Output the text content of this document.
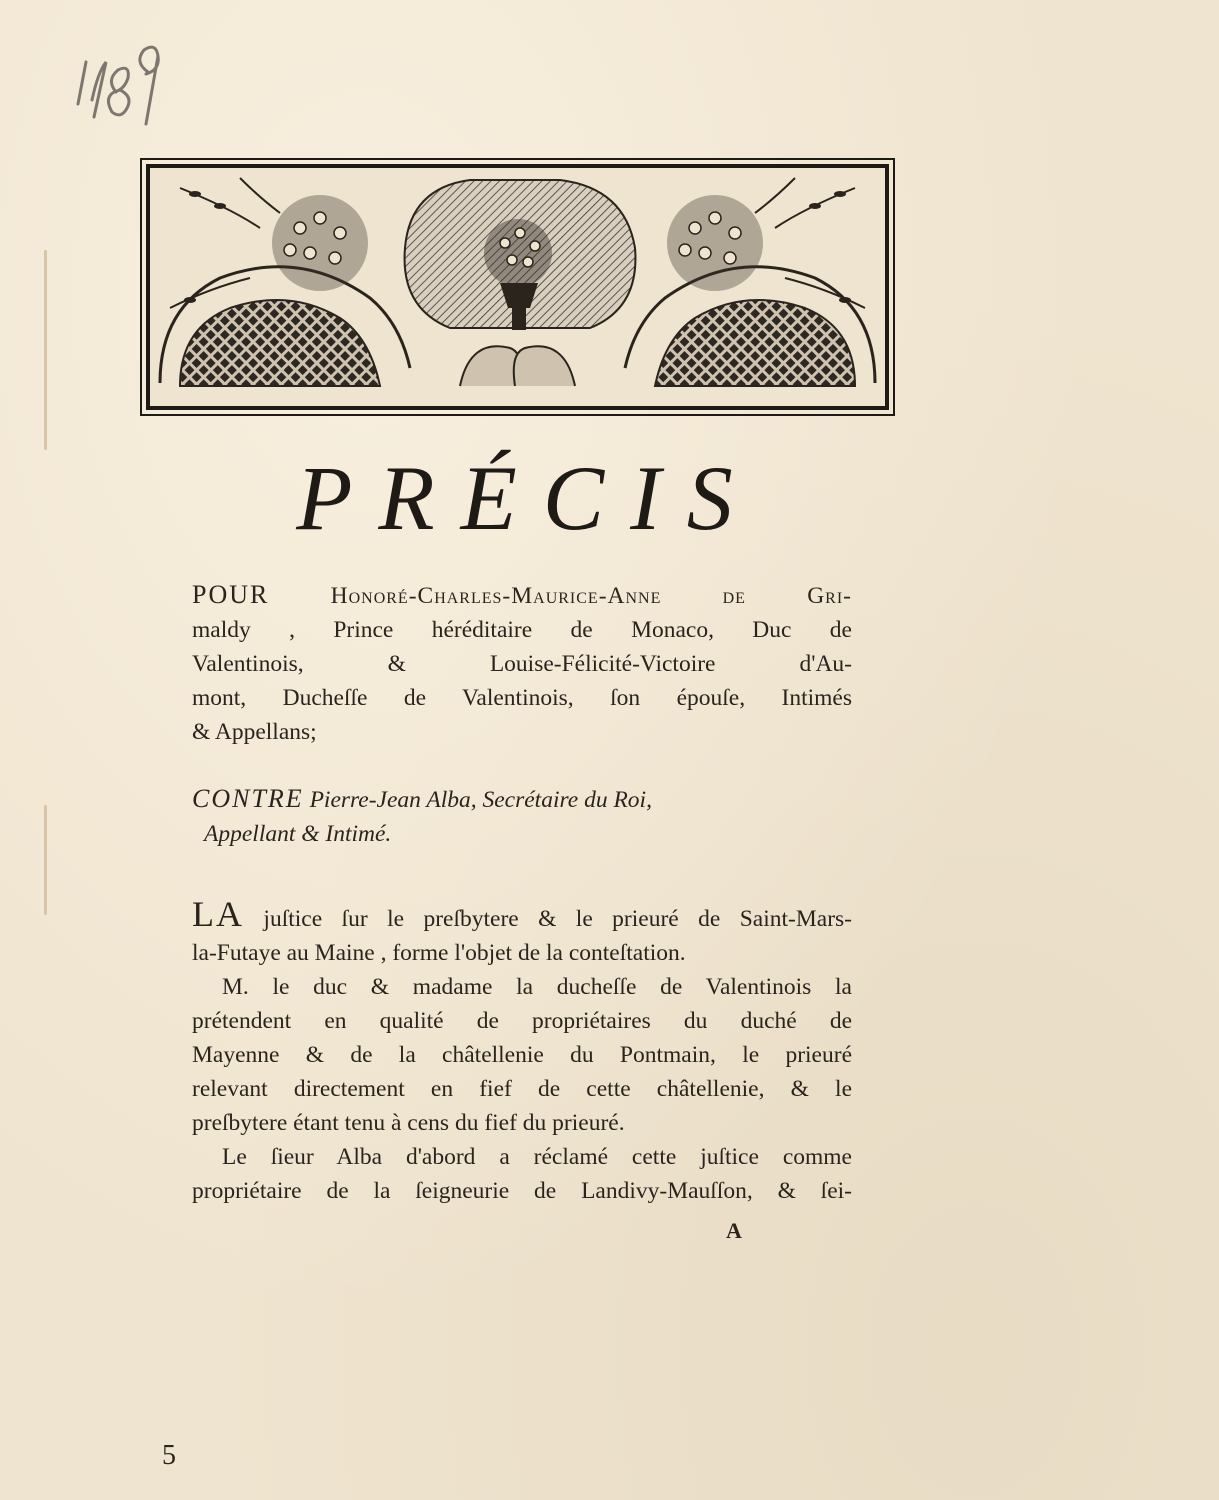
1789
PRÉCIS
POUR Honoré-Charles-Maurice-Anne de Gri-
maldy , Prince héréditaire de Monaco, Duc de
Valentinois, & Louise-Félicité-Victoire d'Au-
mont, Ducheſſe de Valentinois, ſon épouſe, Intimés
& Appellans;
CONTRE Pierre-Jean Alba, Secrétaire du Roi,
Appellant & Intimé.
LA juſtice ſur le preſbytere & le prieuré de Saint-Mars-
la-Futaye au Maine , forme l'objet de la conteſtation.
M. le duc & madame la ducheſſe de Valentinois la
prétendent en qualité de propriétaires du duché de
Mayenne & de la châtellenie du Pontmain, le prieuré
relevant directement en fief de cette châtellenie, & le
preſbytere étant tenu à cens du fief du prieuré.
Le ſieur Alba d'abord a réclamé cette juſtice comme
propriétaire de la ſeigneurie de Landivy-Mauſſon, & ſei-
A
5
